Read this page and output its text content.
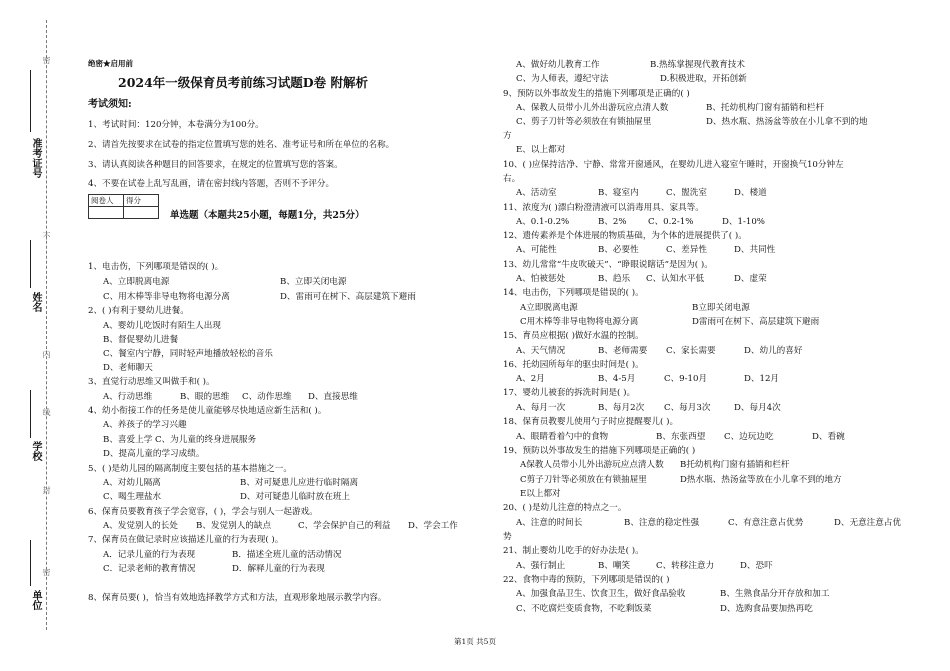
准考证号
姓名
学校
单位
密
不
内
线
封
密
绝密★启用前
2024年一级保育员考前练习试题D卷 附解析
考试须知:
1、考试时间：120分钟，本卷满分为100分。
2、请首先按要求在试卷的指定位置填写您的姓名、准考证号和所在单位的名称。
3、请认真阅读各种题目的回答要求，在规定的位置填写您的答案。
4、不要在试卷上乱写乱画，请在密封线内答题，否则不予评分。
阅卷人	得分

单选题（本题共25小题，每题1分，共25分）
1、电击伤，下列哪项是错误的( )。
A、立即脱离电源	B、立即关闭电源
C、用木棒等非导电物将电源分离	D、雷雨可在树下、高层建筑下避雨
2、( )有利于婴幼儿进餐。
A、婴幼儿吃饭时有陌生人出现
B、督促婴幼儿进餐
C、餐室内宁静，同时轻声地播放轻松的音乐
D、老师聊天
3、直觉行动思维又叫做手和( )。
A、行动思维	B、眼的思维 C、动作思维 D、直接思维
4、幼小衔接工作的任务是使儿童能够尽快地适应新生活和( )。
A、养孩子的学习兴趣
B、喜爱上学 C、为儿童的终身进展服务
D、提高儿童的学习成绩。
5、( )是幼儿园的隔离制度主要包括的基本措施之一。
A、对幼儿隔离	B、对可疑患儿应进行临时隔离
C、喝生理盐水	D、对可疑患儿临时放在班上
6、保育员要教育孩子学会宽容，( )，学会与别人一起游戏。
A、发觉别人的长处 B、发觉别人的缺点	C、学会保护自己的利益 D、学会工作
7、保育员在做记录时应该描述儿童的行为表现( )。
A．记录儿童的行为表现	B．描述全班儿童的活动情况
C．记录老师的教育情况	D．解释儿童的行为表现
8、保育员要( )，恰当有效地选择教学方式和方法，直观形象地展示教学内容。
A、做好幼儿教育工作	B.热练掌握现代教育技术
C、为人师表，遵纪守法	D.积极进取，开拓创新
9、预防以外事故发生的措施下列哪项是正确的( )
A、保教人员带小儿外出游玩应点清人数	B、托幼机构门窗有插销和栏杆
C、剪子刀针等必须放在有锁抽屉里	D、热水瓶、热汤盆等放在小儿拿不到的地
方
E、以上都对
10、( )应保持洁净、宁静、常常开窗通风，在婴幼儿进入寝室午睡时，开窗换气10分钟左
右。
A、活动室	B、寝室内	C、盥洗室	D、楼道
11、浓度为( )漂白粉澄清液可以消毒用具、家具等。
A、0.1-0.2%	B、2% C、0.2-1%	D、1-10%
12、遗传素养是个体进展的物质基础，为个体的进展提供了( )。
A、可能性	B、必要性	C、差异性	D、共同性
13、幼儿常常“牛皮吹破天”、“睁眼说瞎话”是因为( )。
A、怕被惩处	B、趋乐 C、认知水平低	D、虚荣
14、电击伤，下列哪项是错误的( )。
A立即脱离电源	B立即关闭电源
C用木棒等非导电物将电源分离	D雷雨可在树下、高层建筑下避雨
15、育员应根据( )做好水温的控制。
A、天气情况	B、老师需要 C、家长需要	D、幼儿的喜好
16、托幼园所每年的驱虫时间是( )。
A、2月	B、4-5月	C、9-10月	D、12月
17、婴幼儿被套的拆洗时间是( )。
A、每月一次	B、每月2次 C、每月3次	D、每月4次
18、保育员教婴儿使用勺子时应提醒婴儿( )。
A、眼睛看着勺中的食物	B、东张西望 C、边玩边吃	D、看碗
19、预防以外事故发生的措施下列哪项是正确的( )
A保教人员带小儿外出游玩应点清人数 B托幼机构门窗有插销和栏杆
C剪子刀针等必须放在有锁抽屉里	D热水瓶、热汤盆等放在小儿拿不到的地方
E以上都对
20、( )是幼儿注意的特点之一。
A、注意的时间长	B、注意的稳定性强	C、有意注意占优势	D、无意注意占优
势
21、制止婴幼儿吃手的好办法是( )。
A、强行制止	B、嘲笑	C、转移注意力	D、恐吓
22、食物中毒的预防，下列哪项是错误的( )
A、加强食品卫生、饮食卫生，做好食品验收	B、生熟食品分开存放和加工
C、不吃腐烂变质食物，不吃剩饭菜	D、选购食品要加热再吃
第1页 共5页
